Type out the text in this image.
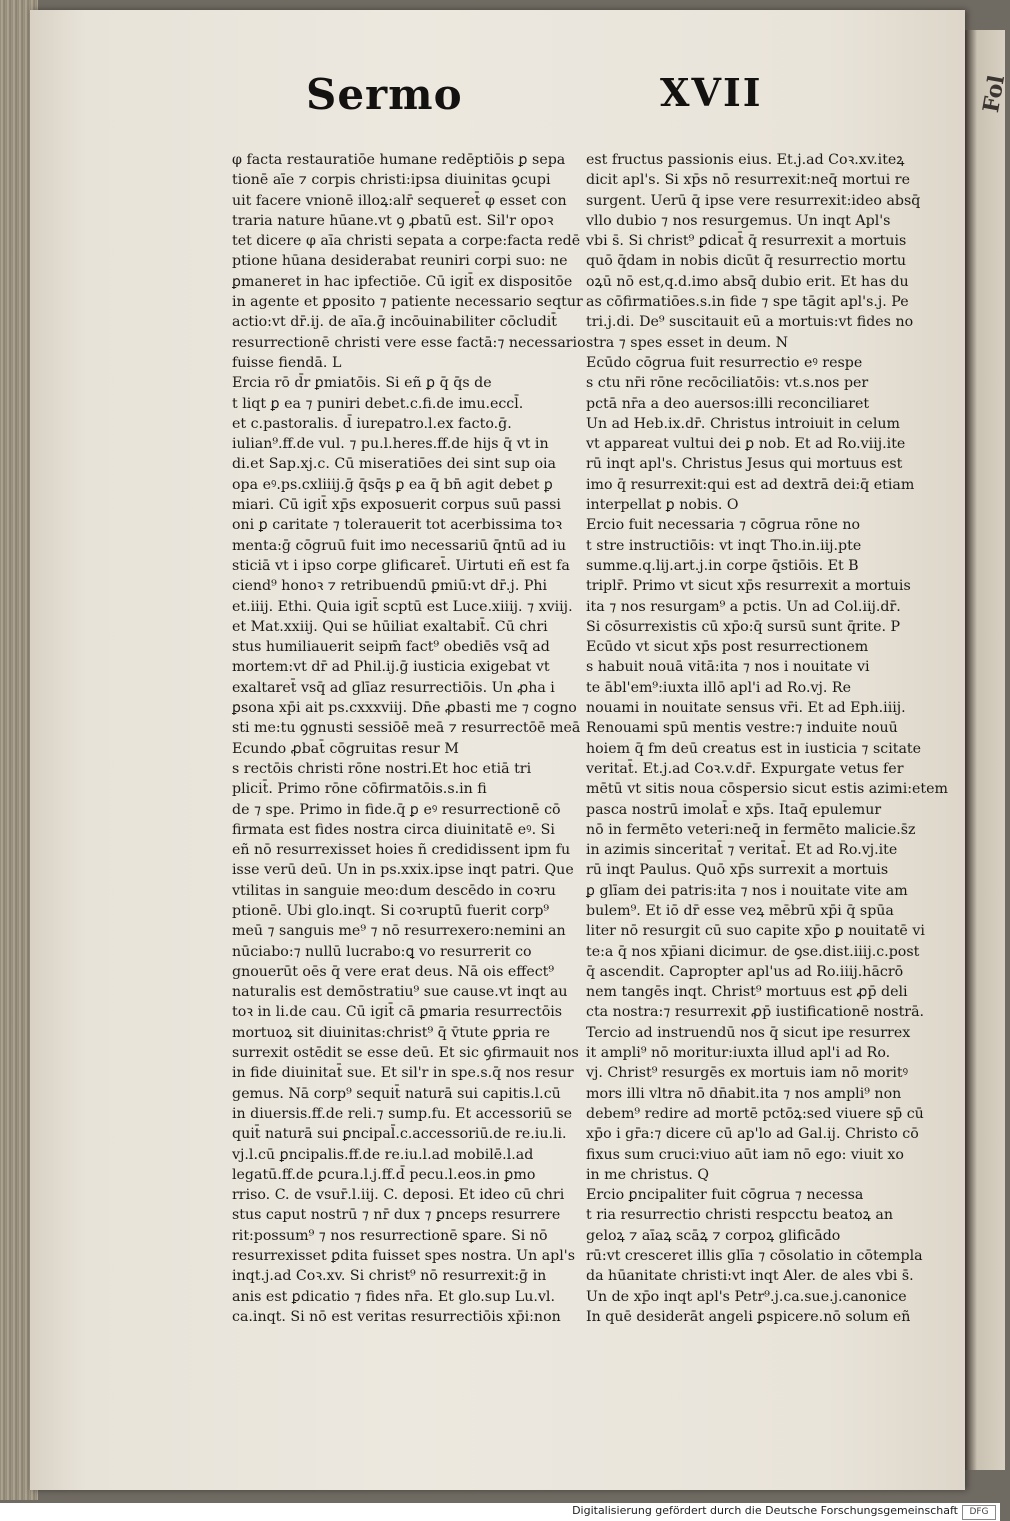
Fol
Sermo	XVII
φ facta restauratiōe humane redēptiōis ꝑ sepa
tionē aīe ⁊ corpis christi:ipsa diuinitas ꝯcupi
uit facere vnionē illoꝝ:alr̄ sequeret̄ φ esset con
traria nature hūane.vt ꝯ ꝓbatū est. Sil'r opoꝛ
tet dicere φ aīa christi sepata a corpe:facta redē
ptione hūana desiderabat reuniri corpi suo: ne
ꝑmaneret in hac ipfectiōe. Cū igit̄ ex dispositōe
in agente et ꝑposito ⁊ patiente necessario seqtur
actio:vt dr̄.ij. de aīa.ḡ incōuinabiliter cōcludit̄
resurrectionē christi vere esse factā:⁊ necessario
fuisse fiendā. L
Ercia rō d̄r ꝑmiatōis. Si eñ ꝑ q̄ q̄s de
t liqt ꝑ ea ⁊ puniri debet.c.fi.de imu.eccl̄.
et c.pastoralis. d̄ iurepatro.l.ex facto.ḡ.
iulian⁹.ff.de vul. ⁊ pu.l.heres.ff.de hijs q̄ vt in
di.et Sap.xj.c. Cū miseratiōes dei sint sup oia
opa eꝰ.ps.cxliiij.ḡ q̄sq̄s ꝑ ea q̄ bn̄ agit debet ꝑ
miari. Cū igit̄ xp̄s exposuerit corpus suū passi
oni ꝑ caritate ⁊ tolerauerit tot acerbissima toꝛ
menta:ḡ cōgruū fuit imo necessariū q̄ntū ad iu
sticiā vt i ipso corpe glificaret̄. Uirtuti eñ est fa
ciend⁹ honoꝛ ⁊ retribuendū ꝑmiū:vt dr̄.j. Phi
et.iiij. Ethi. Quia igit̄ scptū est Luce.xiiij. ⁊ xviij.
et Mat.xxiij. Qui se hūiliat exaltabit̄. Cū chri
stus humiliauerit seipm̄ fact⁹ obediēs vsq̄ ad
mortem:vt dr̄ ad Phil.ij.ḡ iusticia exigebat vt
exaltaret̄ vsq̄ ad glīaz resurrectiōis. Un ꝓha i
ꝑsona xp̄i ait ps.cxxxviij. Dn̄e ꝓbasti me ⁊ cogno
sti me:tu ꝯgnusti sessiōē meā ⁊ resurrectōē meā
Ecundo ꝓbat̄ cōgruitas resur M
s rectōis christi rōne nostri.Et hoc etiā tri
plicit̄. Primo rōne cōfirmatōis.s.in fi
de ⁊ spe. Primo in fide.q̄ ꝑ eꝰ resurrectionē cō
firmata est fides nostra circa diuinitatē eꝰ. Si
eñ nō resurrexisset hoies ñ credidissent ipm fu
isse verū deū. Un in ps.xxix.ipse inqt patri. Que
vtilitas in sanguie meo:dum descēdo in coꝛru
ptionē. Ubi glo.inqt. Si coꝛruptū fuerit corp⁹
meū ⁊ sanguis me⁹ ⁊ nō resurrexero:nemini an
nūciabo:⁊ nullū lucrabo:ꝗ vo resurrerit co
gnouerūt oēs q̄ vere erat deus. Nā ois effect⁹
naturalis est demōstratiu⁹ sue cause.vt inqt au
toꝛ in li.de cau. Cū igit̄ cā ꝑmaria resurrectōis
mortuoꝝ sit diuinitas:christ⁹ q̄ v̄tute ꝑpria re
surrexit ostēdit se esse deū. Et sic ꝯfirmauit nos
in fide diuinitat̄ sue. Et sil'r in spe.s.q̄ nos resur
gemus. Nā corp⁹ sequit̄ naturā sui capitis.l.cū
in diuersis.ff.de reli.⁊ sump.fu. Et accessoriū se
quit̄ naturā sui ꝑncipal̄.c.accessoriū.de re.iu.li.
vj.l.cū ꝑncipalis.ff.de re.iu.l.ad mobilē.l.ad
legatū.ff.de ꝑcura.l.j.ff.d̄ pecu.l.eos.in ꝑmo
rriso. C. de vsur̄.l.iij. C. deposi. Et ideo cū chri
stus caput nostrū ⁊ nr̄ dux ⁊ ꝑnceps resurrere
rit:possum⁹ ⁊ nos resurrectionē sꝑare. Si nō
resurrexisset ꝑdita fuisset spes nostra. Un apl's
inqt.j.ad Coꝛ.xv. Si christ⁹ nō resurrexit:ḡ in
anis est ꝑdicatio ⁊ fides nr̄a. Et glo.sup Lu.vl.
ca.inqt. Si nō est veritas resurrectiōis xp̄i:non
est fructus passionis eius. Et.j.ad Coꝛ.xv.iteꝝ
dicit apl's. Si xp̄s nō resurrexit:neq̄ mortui re
surgent. Uerū q̄ ipse vere resurrexit:ideo absq̄
vllo dubio ⁊ nos resurgemus. Un inqt Apl's
vbi s̄. Si christ⁹ ꝑdicat̄ q̄ resurrexit a mortuis
quō q̄dam in nobis dicūt q̄ resurrectio mortu
oꝝū nō est,q.d.imo absq̄ dubio erit. Et has du
as cōfirmatiōes.s.in fide ⁊ spe tāgit apl's.j. Pe
tri.j.di. De⁹ suscitauit eū a mortuis:vt fides no
stra ⁊ spes esset in deum. N
Ecūdo cōgrua fuit resurrectio eꝰ respe
s ctu nr̄i rōne recōciliatōis: vt.s.nos per
pctā nr̄a a deo auersos:illi reconciliaret
Un ad Heb.ix.dr̄. Christus introiuit in celum
vt appareat vultui dei ꝑ nob. Et ad Ro.viij.ite
rū inqt apl's. Christus Jesus qui mortuus est
imo q̄ resurrexit:qui est ad dextrā dei:q̄ etiam
interpellat ꝑ nobis. O
Ercio fuit necessaria ⁊ cōgrua rōne no
t stre instructiōis: vt inqt Tho.in.iij.pte
summe.q.lij.art.j.in corpe q̄stiōis. Et B
triplr̄. Primo vt sicut xp̄s resurrexit a mortuis
ita ⁊ nos resurgam⁹ a pctis. Un ad Col.iij.dr̄.
Si cōsurrexistis cū xp̄o:q̄ sursū sunt q̄rite. P
Ecūdo vt sicut xp̄s post resurrectionem
s habuit nouā vitā:ita ⁊ nos i nouitate vi
te ābl'em⁹:iuxta illō apl'i ad Ro.vj. Re
nouami in nouitate sensus vr̄i. Et ad Eph.iiij.
Renouami spū mentis vestre:⁊ induite nouū
hoiem q̄ fm deū creatus est in iusticia ⁊ scitate
veritat̄. Et.j.ad Coꝛ.v.dr̄. Expurgate vetus fer
mētū vt sitis noua cōspersio sicut estis azimi:etem
pasca nostrū imolat̄ e xp̄s. Itaq̄ epulemur
nō in fermēto veteri:neq̄ in fermēto malicie.s̄z
in azimis sinceritat̄ ⁊ veritat̄. Et ad Ro.vj.ite
rū inqt Paulus. Quō xp̄s surrexit a mortuis
ꝑ glīam dei patris:ita ⁊ nos i nouitate vite am
bulem⁹. Et iō dr̄ esse veꝝ mēbrū xp̄i q̄ spūa
liter nō resurgit cū suo capite xp̄o ꝑ nouitatē vi
te:a q̄ nos xp̄iani dicimur. de ꝯse.dist.iiij.c.post
q̄ ascendit. Capropter apl'us ad Ro.iiij.hācrō
nem tangēs inqt. Christ⁹ mortuus est ꝓp̄ deli
cta nostra:⁊ resurrexit ꝓp̄ iustificationē nostrā.
Tercio ad instruendū nos q̄ sicut ipe resurrex
it ampli⁹ nō moritur:iuxta illud apl'i ad Ro.
vj. Christ⁹ resurgēs ex mortuis iam nō moritꝰ
mors illi vltra nō dn̄abit.ita ⁊ nos ampli⁹ non
debem⁹ redire ad mortē pctōꝝ:sed viuere sp̄ cū
xp̄o i gr̄a:⁊ dicere cū ap'lo ad Gal.ij. Christo cō
fixus sum cruci:viuo aūt iam nō ego: viuit xo
in me christus. Q
Ercio ꝑncipaliter fuit cōgrua ⁊ necessa
t ria resurrectio christi respcctu beatoꝝ an
geloꝝ ⁊ aīaꝝ scāꝝ ⁊ corpoꝝ glificādo
rū:vt cresceret illis glīa ⁊ cōsolatio in cōtempla
da hūanitate christi:vt inqt Aler. de ales vbi s̄.
Un de xp̄o inqt apl's Petr⁹.j.ca.sue.j.canonice
In quē desiderāt angeli ꝑspicere.nō solum eñ
Digitalisierung gefördert durch die Deutsche Forschungsgemeinschaft	DFG
